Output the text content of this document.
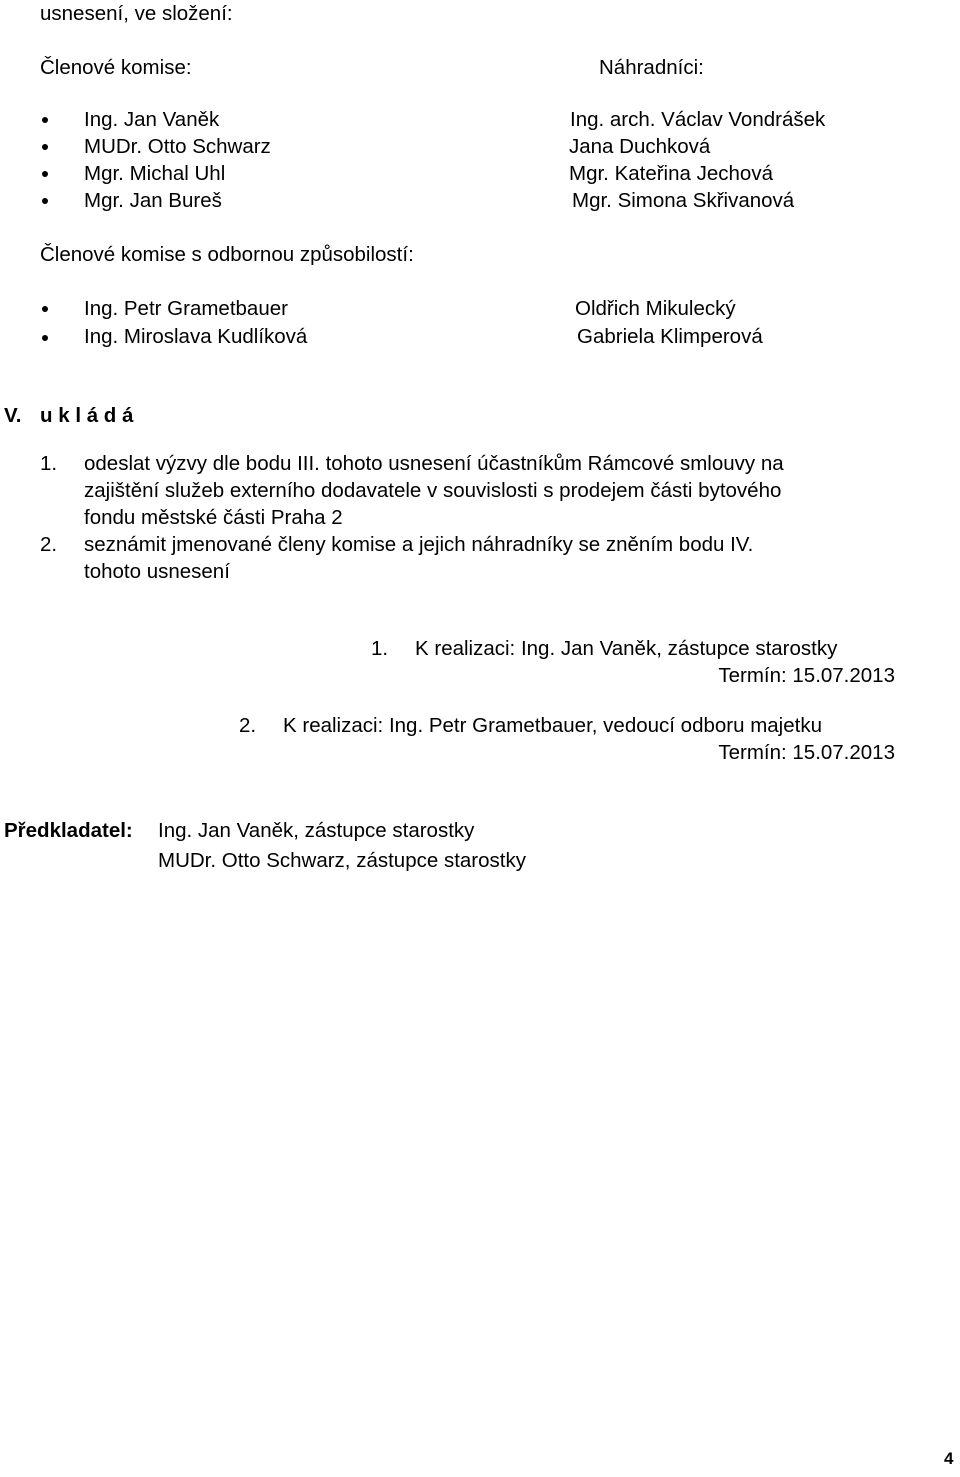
usnesení, ve složení:
Členové komise:	Náhradníci:
Ing. Jan Vaněk
MUDr. Otto Schwarz
Mgr. Michal Uhl
Mgr. Jan Bureš
Ing. arch. Václav Vondrášek
Jana Duchková
Mgr. Kateřina Jechová
Mgr. Simona Skřivanová
Členové komise s odbornou způsobilostí:
Ing. Petr Grametbauer
Ing. Miroslava Kudlíková
Oldřich Mikulecký
Gabriela Klimperová
V. u k l á d á
1. odeslat výzvy dle bodu III. tohoto usnesení účastníkům Rámcové smlouvy na
zajištění služeb externího dodavatele v souvislosti s prodejem části bytového
fondu městské části Praha 2
2. seznámit jmenované členy komise a jejich náhradníky se zněním bodu IV.
tohoto usnesení
1. K realizaci: Ing. Jan Vaněk, zástupce starostky
Termín: 15.07.2013
2. K realizaci: Ing. Petr Grametbauer, vedoucí odboru majetku
Termín: 15.07.2013
Předkladatel: Ing. Jan Vaněk, zástupce starostky
MUDr. Otto Schwarz, zástupce starostky
4
